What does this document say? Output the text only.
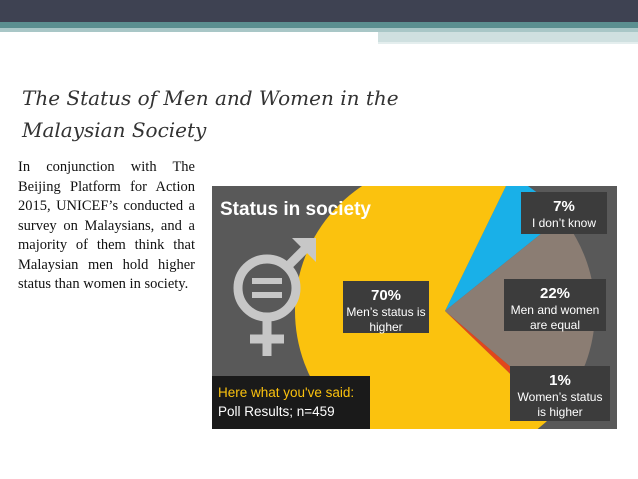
The Status of Men and Women in the Malaysian Society
In conjunction with The Beijing Platform for Action 2015, UNICEF’s conducted a survey on Malaysians, and a majority of them think that Malaysian men hold higher status than women in society.
Status in society
70%
Men’s status is
higher
7%
I don’t know
22%
Men and women
are equal
1%
Women’s status
is higher
Here what you've said:
Poll Results; n=459
